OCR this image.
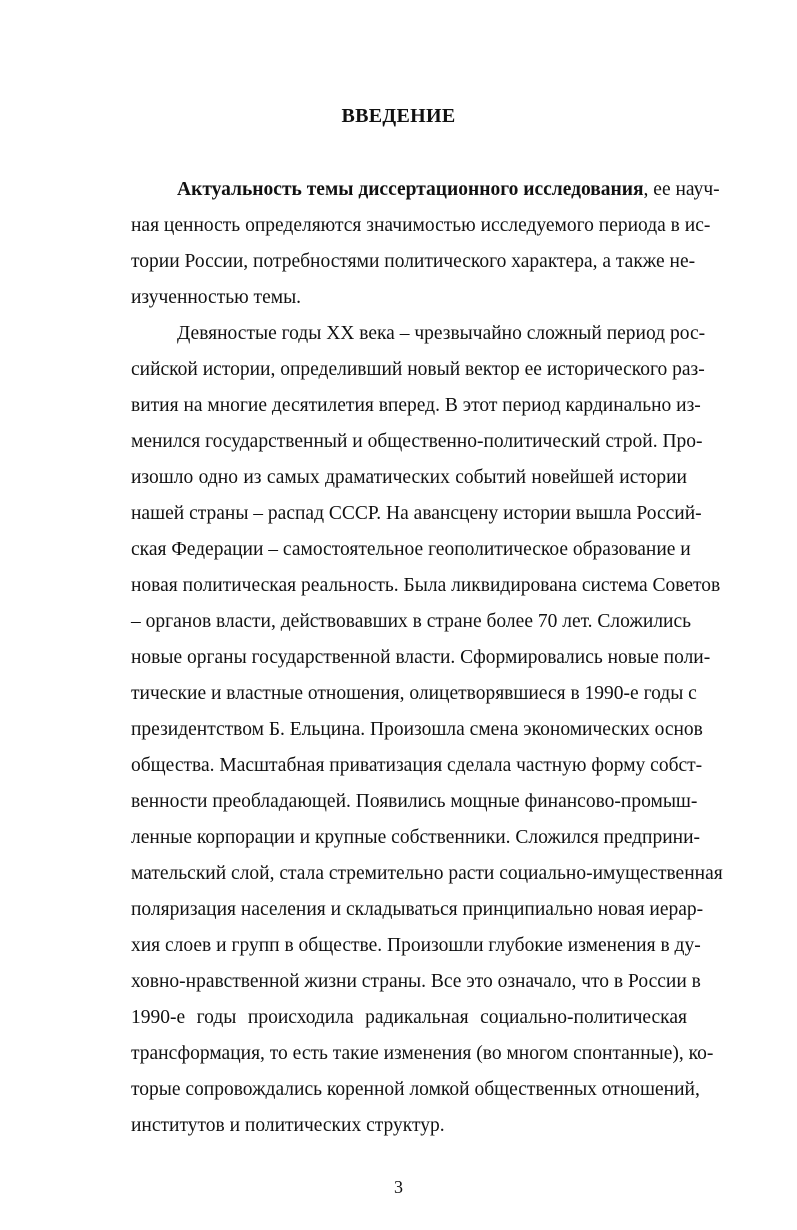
ВВЕДЕНИЕ
Актуальность темы диссертационного исследования, ее науч-
ная ценность определяются значимостью исследуемого периода в ис-
тории России, потребностями политического характера, а также не-
изученностью темы.
Девяностые годы XX века – чрезвычайно сложный период рос-
сийской истории, определивший новый вектор ее исторического раз-
вития на многие десятилетия вперед. В этот период кардинально из-
менился государственный и общественно-политический строй. Про-
изошло одно из самых драматических событий новейшей истории
нашей страны – распад СССР. На авансцену истории вышла Россий-
ская Федерации – самостоятельное геополитическое образование и
новая политическая реальность. Была ликвидирована система Советов
– органов власти, действовавших в стране более 70 лет. Сложились
новые органы государственной власти. Сформировались новые поли-
тические и властные отношения, олицетворявшиеся в 1990-е годы с
президентством Б. Ельцина. Произошла смена экономических основ
общества. Масштабная приватизация сделала частную форму собст-
венности преобладающей. Появились мощные финансово-промыш-
ленные корпорации и крупные собственники. Сложился предприни-
мательский слой, стала стремительно расти социально-имущественная
поляризация населения и складываться принципиально новая иерар-
хия слоев и групп в обществе. Произошли глубокие изменения в ду-
ховно-нравственной жизни страны. Все это означало, что в России в
1990-е годы происходила радикальная социально-политическая
трансформация, то есть такие изменения (во многом спонтанные), ко-
торые сопровождались коренной ломкой общественных отношений,
институтов и политических структур.
3
